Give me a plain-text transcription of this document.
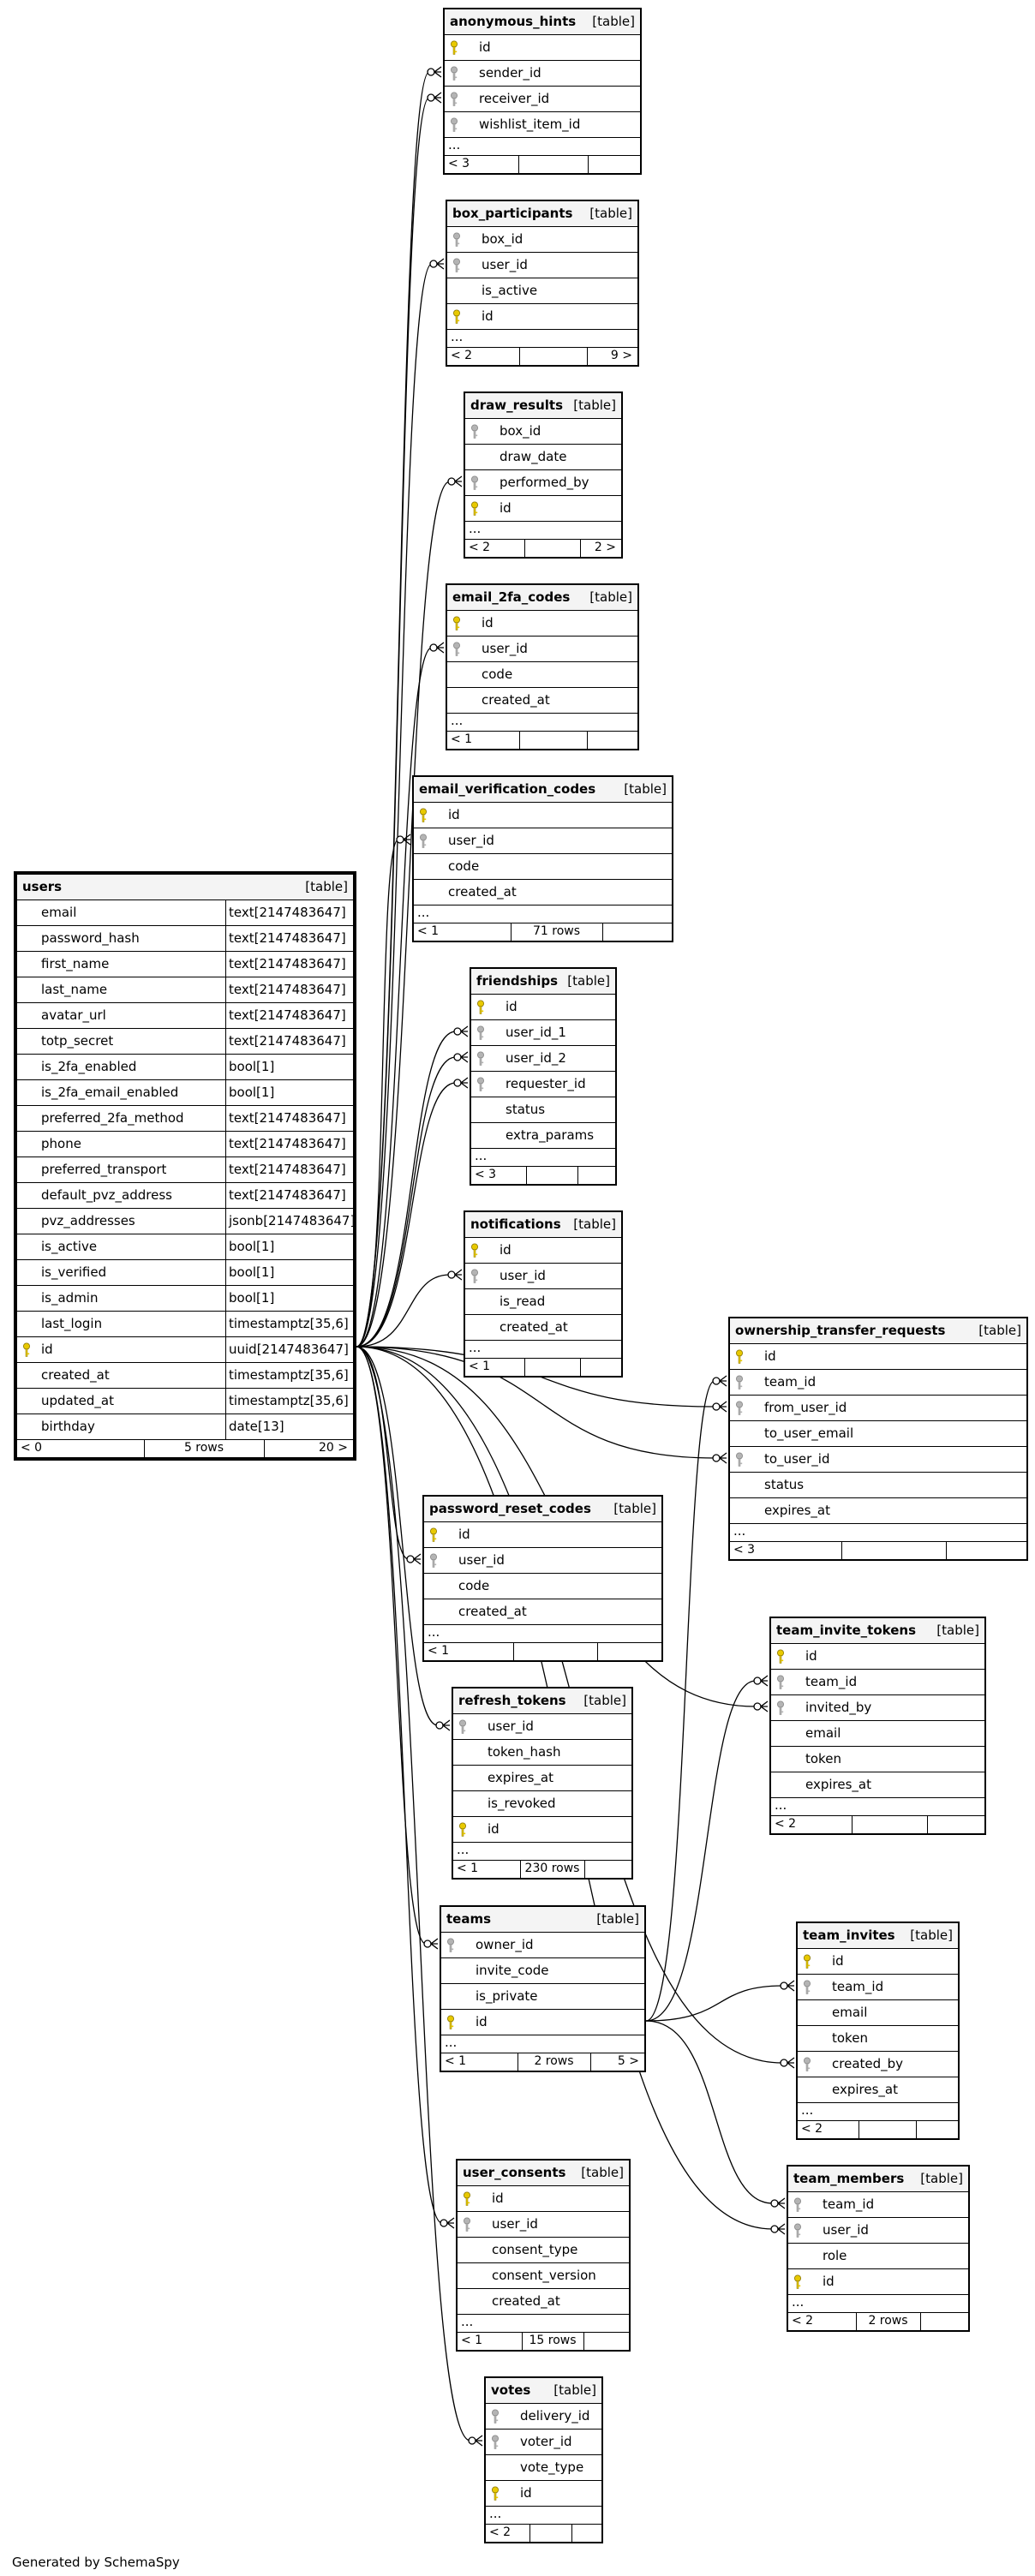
users	[table]
email	text[2147483647]
password_hash	text[2147483647]
first_name	text[2147483647]
last_name	text[2147483647]
avatar_url	text[2147483647]
totp_secret	text[2147483647]
is_2fa_enabled	bool[1]
is_2fa_email_enabled	bool[1]
preferred_2fa_method	text[2147483647]
phone	text[2147483647]
preferred_transport	text[2147483647]
default_pvz_address	text[2147483647]
pvz_addresses	jsonb[2147483647]
is_active	bool[1]
is_verified	bool[1]
is_admin	bool[1]
last_login	timestamptz[35,6]
id	uuid[2147483647]
created_at	timestamptz[35,6]
updated_at	timestamptz[35,6]
birthday	date[13]
< 0	5 rows	20 >
anonymous_hints [table]
id
sender_id
receiver_id
wishlist_item_id
...
< 3
box_participants [table]
box_id
user_id
is_active
id
...
< 2	9 >
draw_results [table]
box_id
draw_date
performed_by
id
...
< 2	2 >
email_2fa_codes [table]
id
user_id
code
created_at
...
< 1
email_verification_codes [table]
id
user_id
code
created_at
...
< 1	71 rows
friendships [table]
id
user_id_1
user_id_2
requester_id
status
extra_params
...
< 3
notifications [table]
id
user_id
is_read
created_at
...
< 1
ownership_transfer_requests	[table]
id
team_id
from_user_id
to_user_email
to_user_id
status
expires_at
...
< 3
password_reset_codes [table]
id
user_id
code
created_at
...
< 1
team_invite_tokens [table]
id
team_id
invited_by
email
token
expires_at
...
< 2
refresh_tokens [table]
user_id
token_hash
expires_at
is_revoked
id
...
< 1	230 rows
teams	[table]
owner_id
invite_code
is_private
id
...
< 1	2 rows	5 >
team_invites [table]
id
team_id
email
token
created_by
expires_at
...
< 2
team_members [table]
team_id
user_id
role
id
...
< 2	2 rows
user_consents [table]
id
user_id
consent_type
consent_version
created_at
...
< 1	15 rows
votes [table]
delivery_id
voter_id
vote_type
id
...
< 2
Generated by SchemaSpy
